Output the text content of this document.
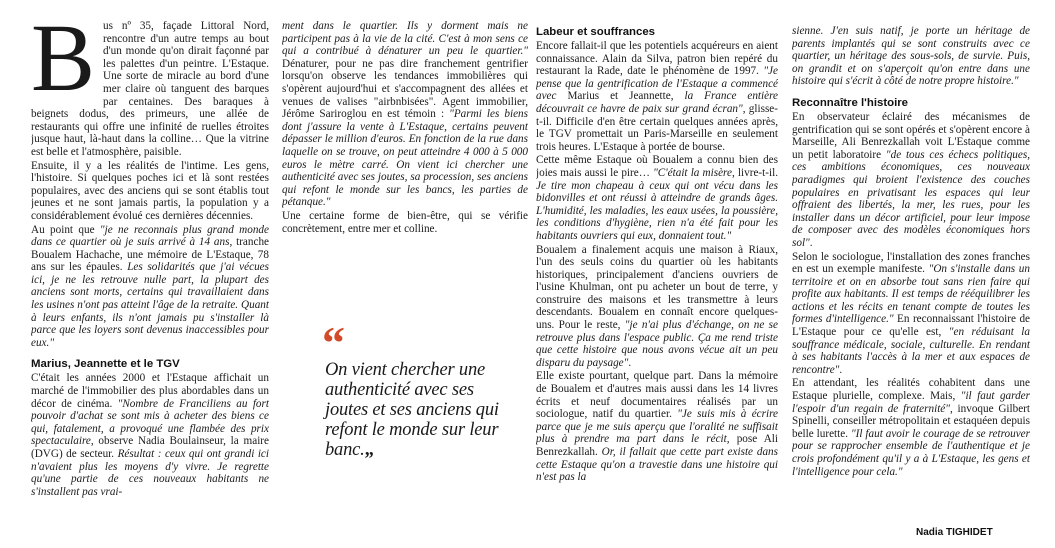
B us nº 35, façade Littoral Nord, rencontre d'un autre temps au bout d'un monde qu'on dirait façonné par les palettes d'un peintre. L'Estaque. Une sorte de miracle au bord d'une mer claire où tanguent des barques par centaines. Des baraques à beignets dodus, des primeurs, une allée de restaurants qui offre une infinité de ruelles étroites jusque haut, là-haut dans la colline… Que la vitrine est belle et l'atmosphère, paisible.

Ensuite, il y a les réalités de l'intime. Les gens, l'histoire. Si quelques poches ici et là sont restées populaires, avec des anciens qui se sont établis tout jeunes et ne sont jamais partis, la population y a considérablement évolué ces dernières décennies.

Au point que "je ne reconnais plus grand monde dans ce quartier où je suis arrivé à 14 ans, tranche Boualem Hachache, une mémoire de L'Estaque, 78 ans sur les épaules. Les solidarités que j'ai vécues ici, je ne les retrouve nulle part, la plupart des anciens sont morts, certains qui travaillaient dans les usines n'ont pas atteint l'âge de la retraite. Quant à leurs enfants, ils n'ont jamais pu s'installer là parce que les loyers sont devenus inaccessibles pour eux."

Marius, Jeannette et le TGV

C'était les années 2000 et l'Estaque affichait un marché de l'immobilier des plus abordables dans un décor de cinéma. "Nombre de Franciliens au fort pouvoir d'achat se sont mis à acheter des biens ce qui, fatalement, a provoqué une flambée des prix spectaculaire, observe Nadia Boulainseur, la maire (DVG) de secteur. Résultat : ceux qui ont grandi ici n'avaient plus les moyens d'y vivre. Je regrette qu'une partie de ces nouveaux habitants ne s'installent pas vrai-

ment dans le quartier. Ils y dorment mais ne participent pas à la vie de la cité. C'est à mon sens ce qui a contribué à dénaturer un peu le quartier." Dénaturer, pour ne pas dire franchement gentrifier lorsqu'on observe les tendances immobilières qui s'opèrent aujourd'hui et s'accompagnent des allées et venues de valises "airbnbisées". Agent immobilier, Jérôme Sariroglou en est témoin : "Parmi les biens dont j'assure la vente à L'Estaque, certains peuvent dépasser le million d'euros. En fonction de la rue dans laquelle on se trouve, on peut atteindre 4 000 à 5 000 euros le mètre carré. On vient ici chercher une authenticité avec ses joutes, sa procession, ses anciens qui refont le monde sur les bancs, les parties de pétanque."

Une certaine forme de bien-être, qui se vérifie concrètement, entre mer et colline.

“
On vient chercher une authenticité avec ses joutes et ses anciens qui refont le monde sur leur banc.„
Labeur et souffrances

Encore fallait-il que les potentiels acquéreurs en aient connaissance. Alain da Silva, patron bien repéré du restaurant la Rade, date le phénomène de 1997. "Je pense que la gentrification de l'Estaque a commencé avec Marius et Jeannette, la France entière découvrait ce havre de paix sur grand écran", glisse-t-il. Difficile d'en être certain quelques années après, le TGV promettait un Paris-Marseille en seulement trois heures. L'Estaque à portée de bourse.

Cette même Estaque où Boualem a connu bien des joies mais aussi le pire… "C'était la misère, livre-t-il. Je tire mon chapeau à ceux qui ont vécu dans les bidonvilles et ont réussi à atteindre de grands âges. L'humidité, les maladies, les eaux usées, la poussière, les conditions d'hygiène, rien n'a été fait pour les habitants ouvriers qui eux, donnaient tout."

Boualem a finalement acquis une maison à Riaux, l'un des seuls coins du quartier où les habitants historiques, principalement d'anciens ouvriers de l'usine Khulman, ont pu acheter un bout de terre, y construire des maisons et les transmettre à leurs descendants. Boualem en connaît encore quelques-uns. Pour le reste, "je n'ai plus d'échange, on ne se retrouve plus dans l'espace public. Ça me rend triste que cette histoire que nous avons vécue ait un peu disparu du paysage".

Elle existe pourtant, quelque part. Dans la mémoire de Boualem et d'autres mais aussi dans les 14 livres écrits et neuf documentaires réalisés par un sociologue, natif du quartier. "Je suis mis à écrire parce que je me suis aperçu que l'oralité ne suffisait plus à prendre ma part dans le récit, pose Ali Benrezkallah. Or, il fallait que cette part existe dans cette Estaque qu'on a travestie dans une histoire qui n'est pas la

sienne. J'en suis natif, je porte un héritage de parents implantés qui se sont construits avec ce quartier, un héritage des sous-sols, de survie. Puis, on grandit et on s'aperçoit qu'on entre dans une histoire qui s'écrit à côté de notre propre histoire."

Reconnaître l'histoire

En observateur éclairé des mécanismes de gentrification qui se sont opérés et s'opèrent encore à Marseille, Ali Benrezkallah voit L'Estaque comme un petit laboratoire "de tous ces échecs politiques, ces ambitions économiques, ces nouveaux paradigmes qui broient l'existence des couches populaires en privatisant les espaces qui leur offraient des libertés, la mer, les rues, pour les installer dans un décor artificiel, pour leur impose de composer avec des modèles économiques hors sol".

Selon le sociologue, l'installation des zones franches en est un exemple manifeste. "On s'installe dans un territoire et on en absorbe tout sans rien faire qui profite aux habitants. Il est temps de rééquilibrer les actions et les récits en tenant compte de toutes les formes d'intelligence." En reconnaissant l'histoire de L'Estaque pour ce qu'elle est, "en réduisant la souffrance médicale, sociale, culturelle. En rendant à ses habitants l'accès à la mer et aux espaces de rencontre".

En attendant, les réalités cohabitent dans une Estaque plurielle, complexe. Mais, "il faut garder l'espoir d'un regain de fraternité", invoque Gilbert Spinelli, conseiller métropolitain et estaquéen depuis belle lurette. "Il faut avoir le courage de se retrouver pour se rapprocher ensemble de l'authentique et je crois profondément qu'il y a à L'Estaque, les gens et l'intelligence pour cela."

Nadia TIGHIDET
